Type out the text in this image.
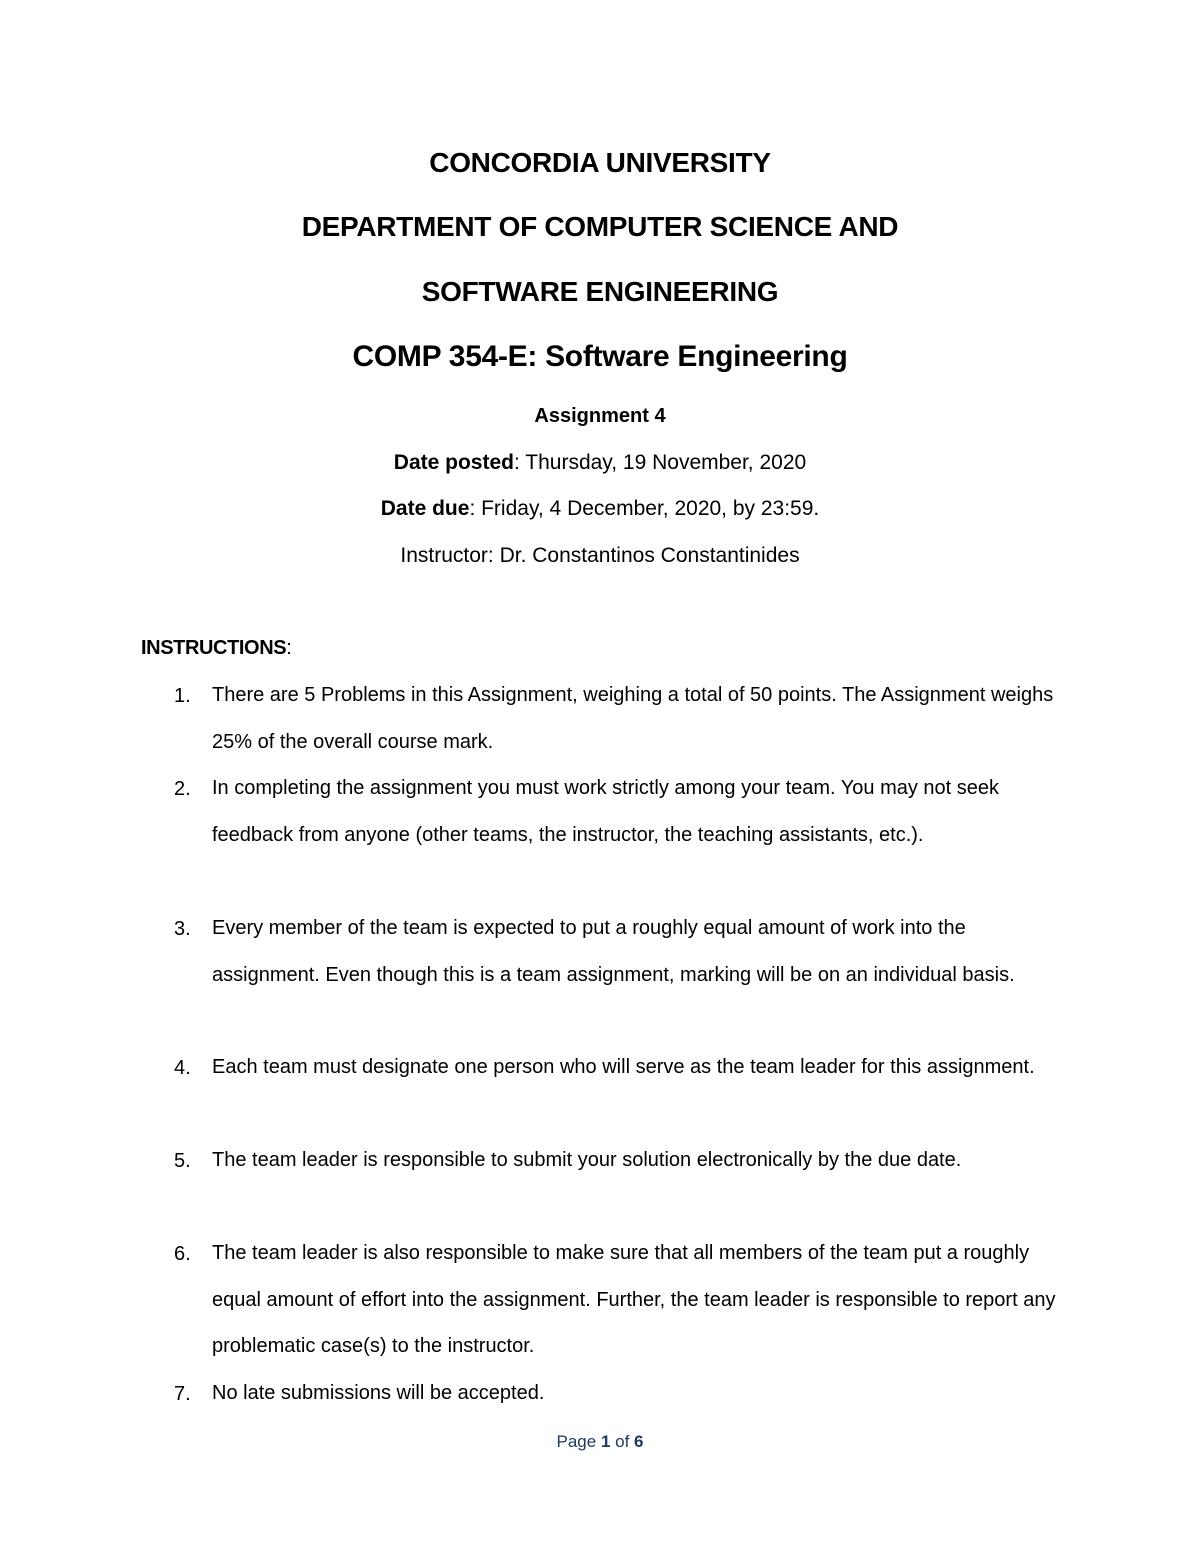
CONCORDIA UNIVERSITY
DEPARTMENT OF COMPUTER SCIENCE AND
SOFTWARE ENGINEERING
COMP 354-E: Software Engineering
Assignment 4
Date posted: Thursday, 19 November, 2020
Date due: Friday, 4 December, 2020, by 23:59.
Instructor: Dr. Constantinos Constantinides
INSTRUCTIONS:
1. There are 5 Problems in this Assignment, weighing a total of 50 points. The Assignment weighs 25% of the overall course mark.
2. In completing the assignment you must work strictly among your team. You may not seek feedback from anyone (other teams, the instructor, the teaching assistants, etc.).
3. Every member of the team is expected to put a roughly equal amount of work into the assignment. Even though this is a team assignment, marking will be on an individual basis.
4. Each team must designate one person who will serve as the team leader for this assignment.
5. The team leader is responsible to submit your solution electronically by the due date.
6. The team leader is also responsible to make sure that all members of the team put a roughly equal amount of effort into the assignment. Further, the team leader is responsible to report any problematic case(s) to the instructor.
7. No late submissions will be accepted.
Page 1 of 6
